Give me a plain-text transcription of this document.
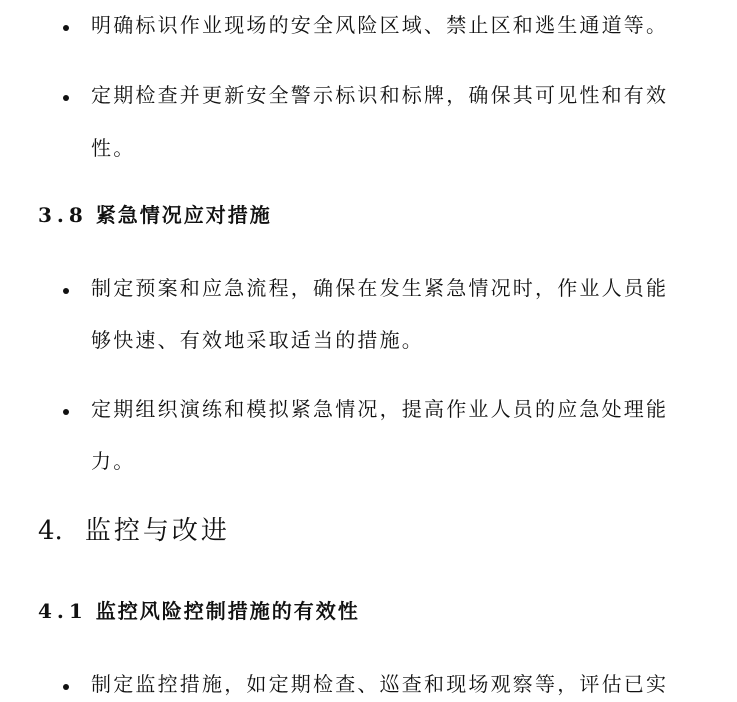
明确标识作业现场的安全风险区域、禁止区和逃生通道等。
定期检查并更新安全警示标识和标牌，确保其可见性和有效
性。
3.8 紧急情况应对措施
制定预案和应急流程，确保在发生紧急情况时，作业人员能
够快速、有效地采取适当的措施。
定期组织演练和模拟紧急情况，提高作业人员的应急处理能
力。
4. 监控与改进
4.1 监控风险控制措施的有效性
制定监控措施，如定期检查、巡查和现场观察等，评估已实
